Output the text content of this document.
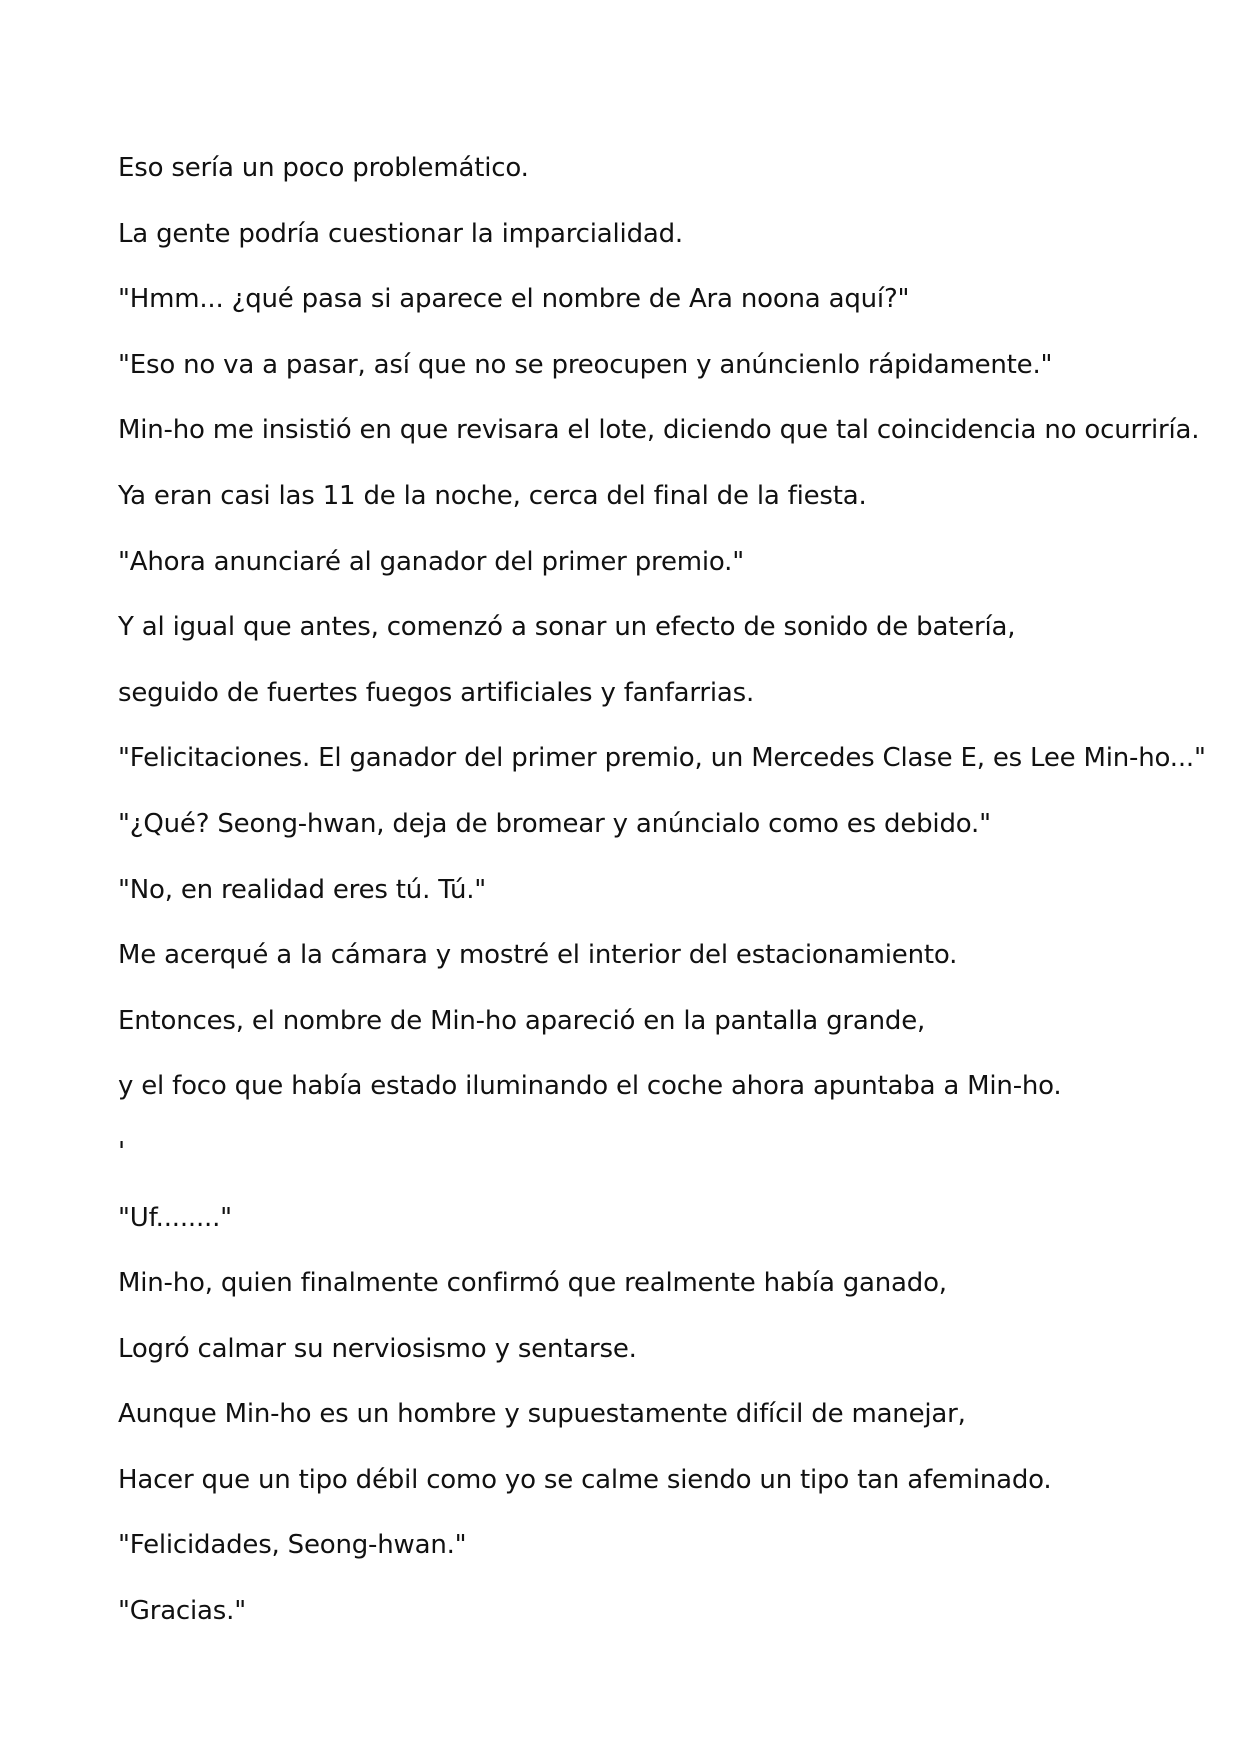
Eso sería un poco problemático.
La gente podría cuestionar la imparcialidad.
"Hmm... ¿qué pasa si aparece el nombre de Ara noona aquí?"
"Eso no va a pasar, así que no se preocupen y anúncienlo rápidamente."
Min-ho me insistió en que revisara el lote, diciendo que tal coincidencia no ocurriría.
Ya eran casi las 11 de la noche, cerca del final de la fiesta.
"Ahora anunciaré al ganador del primer premio."
Y al igual que antes, comenzó a sonar un efecto de sonido de batería,
seguido de fuertes fuegos artificiales y fanfarrias.
"Felicitaciones. El ganador del primer premio, un Mercedes Clase E, es Lee Min-ho..."
"¿Qué? Seong-hwan, deja de bromear y anúncialo como es debido."
"No, en realidad eres tú. Tú."
Me acerqué a la cámara y mostré el interior del estacionamiento.
Entonces, el nombre de Min-ho apareció en la pantalla grande,
y el foco que había estado iluminando el coche ahora apuntaba a Min-ho.
'
"Uf........"
Min-ho, quien finalmente confirmó que realmente había ganado,
Logró calmar su nerviosismo y sentarse.
Aunque Min-ho es un hombre y supuestamente difícil de manejar,
Hacer que un tipo débil como yo se calme siendo un tipo tan afeminado.
"Felicidades, Seong-hwan."
"Gracias."
